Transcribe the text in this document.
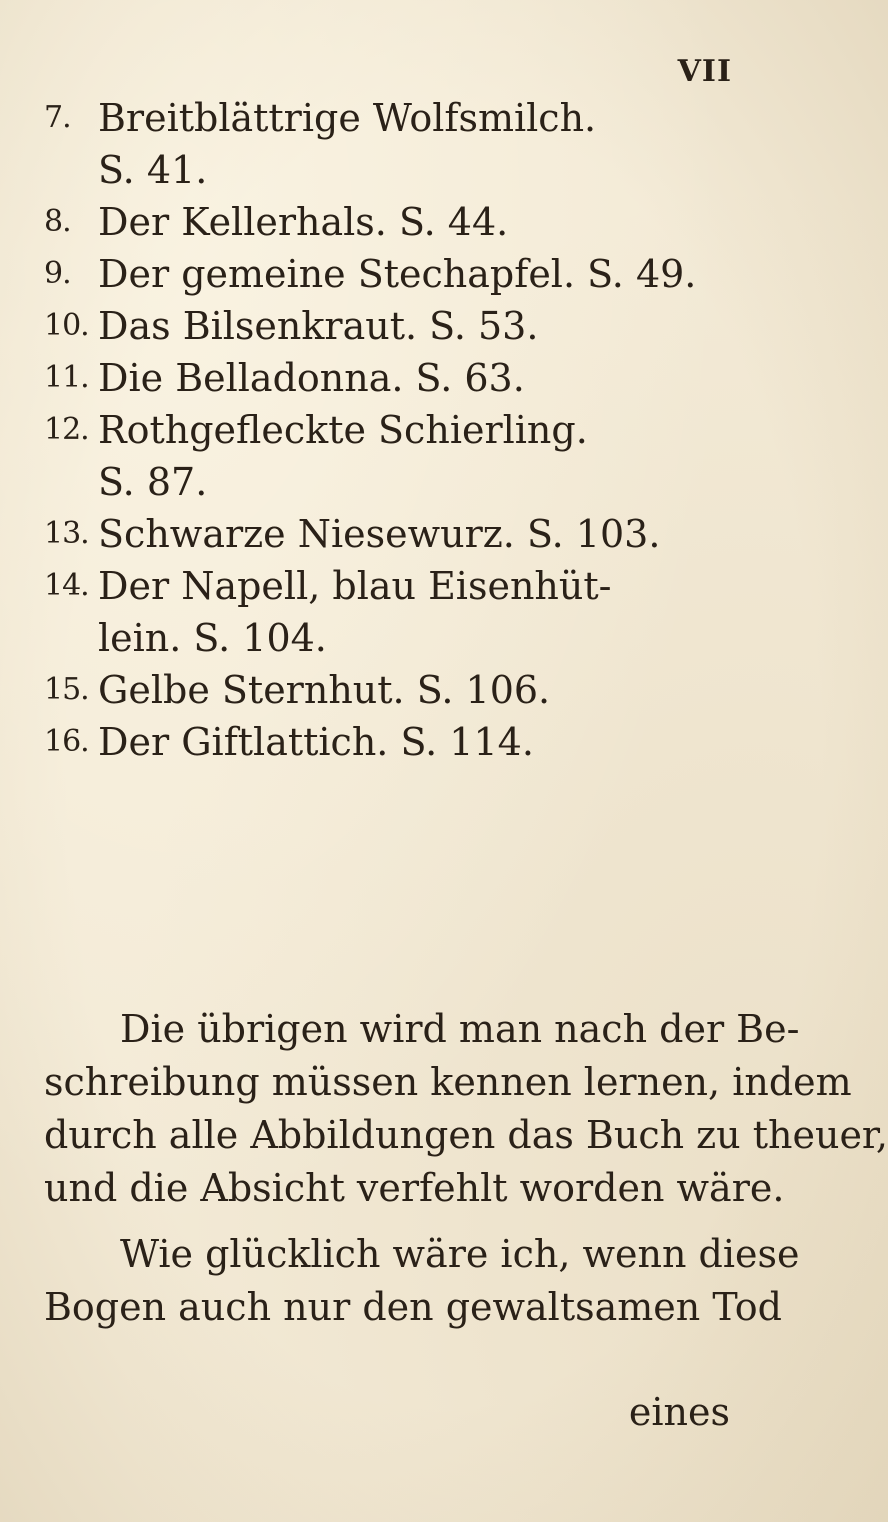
VII
7. Breitblättrige Wolfsmilch.
S. 41.
8. Der Kellerhals. S. 44.
9. Der gemeine Stechapfel. S. 49.
10. Das Bilsenkraut. S. 53.
11. Die Belladonna. S. 63.
12. Rothgefleckte Schierling.
S. 87.
13. Schwarze Niesewurz. S. 103.
14. Der Napell, blau Eisenhüt-
lein. S. 104.
15. Gelbe Sternhut. S. 106.
16. Der Giftlattich. S. 114.
Die übrigen wird man nach der Be-
schreibung müssen kennen lernen, indem
durch alle Abbildungen das Buch zu theuer,
und die Absicht verfehlt worden wäre.
Wie glücklich wäre ich, wenn diese
Bogen auch nur den gewaltsamen Tod
eines
